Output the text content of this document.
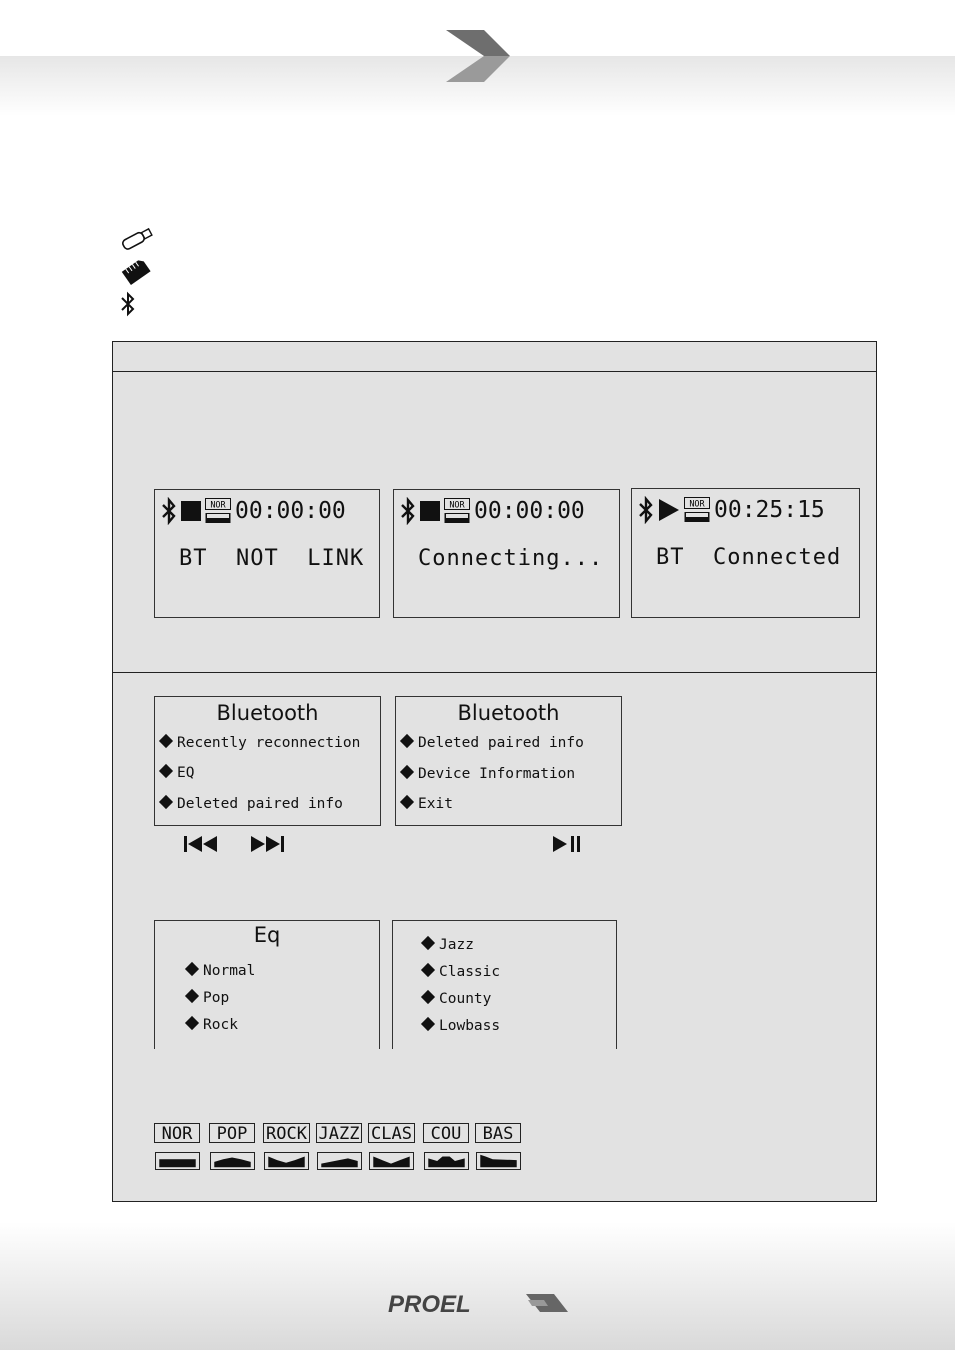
NOR 00:00:00
BT  NOT  LINK
NOR 00:00:00
Connecting...
NOR 00:25:15
BT  Connected
Bluetooth
Recently reconnection
EQ
Deleted paired info
Bluetooth
Deleted paired info
Device Information
Exit
Eq
Normal
Pop
Rock
Jazz
Classic
County
Lowbass
NOR	POP	ROCK JAZZ CLAS	COU	BAS
PROEL
